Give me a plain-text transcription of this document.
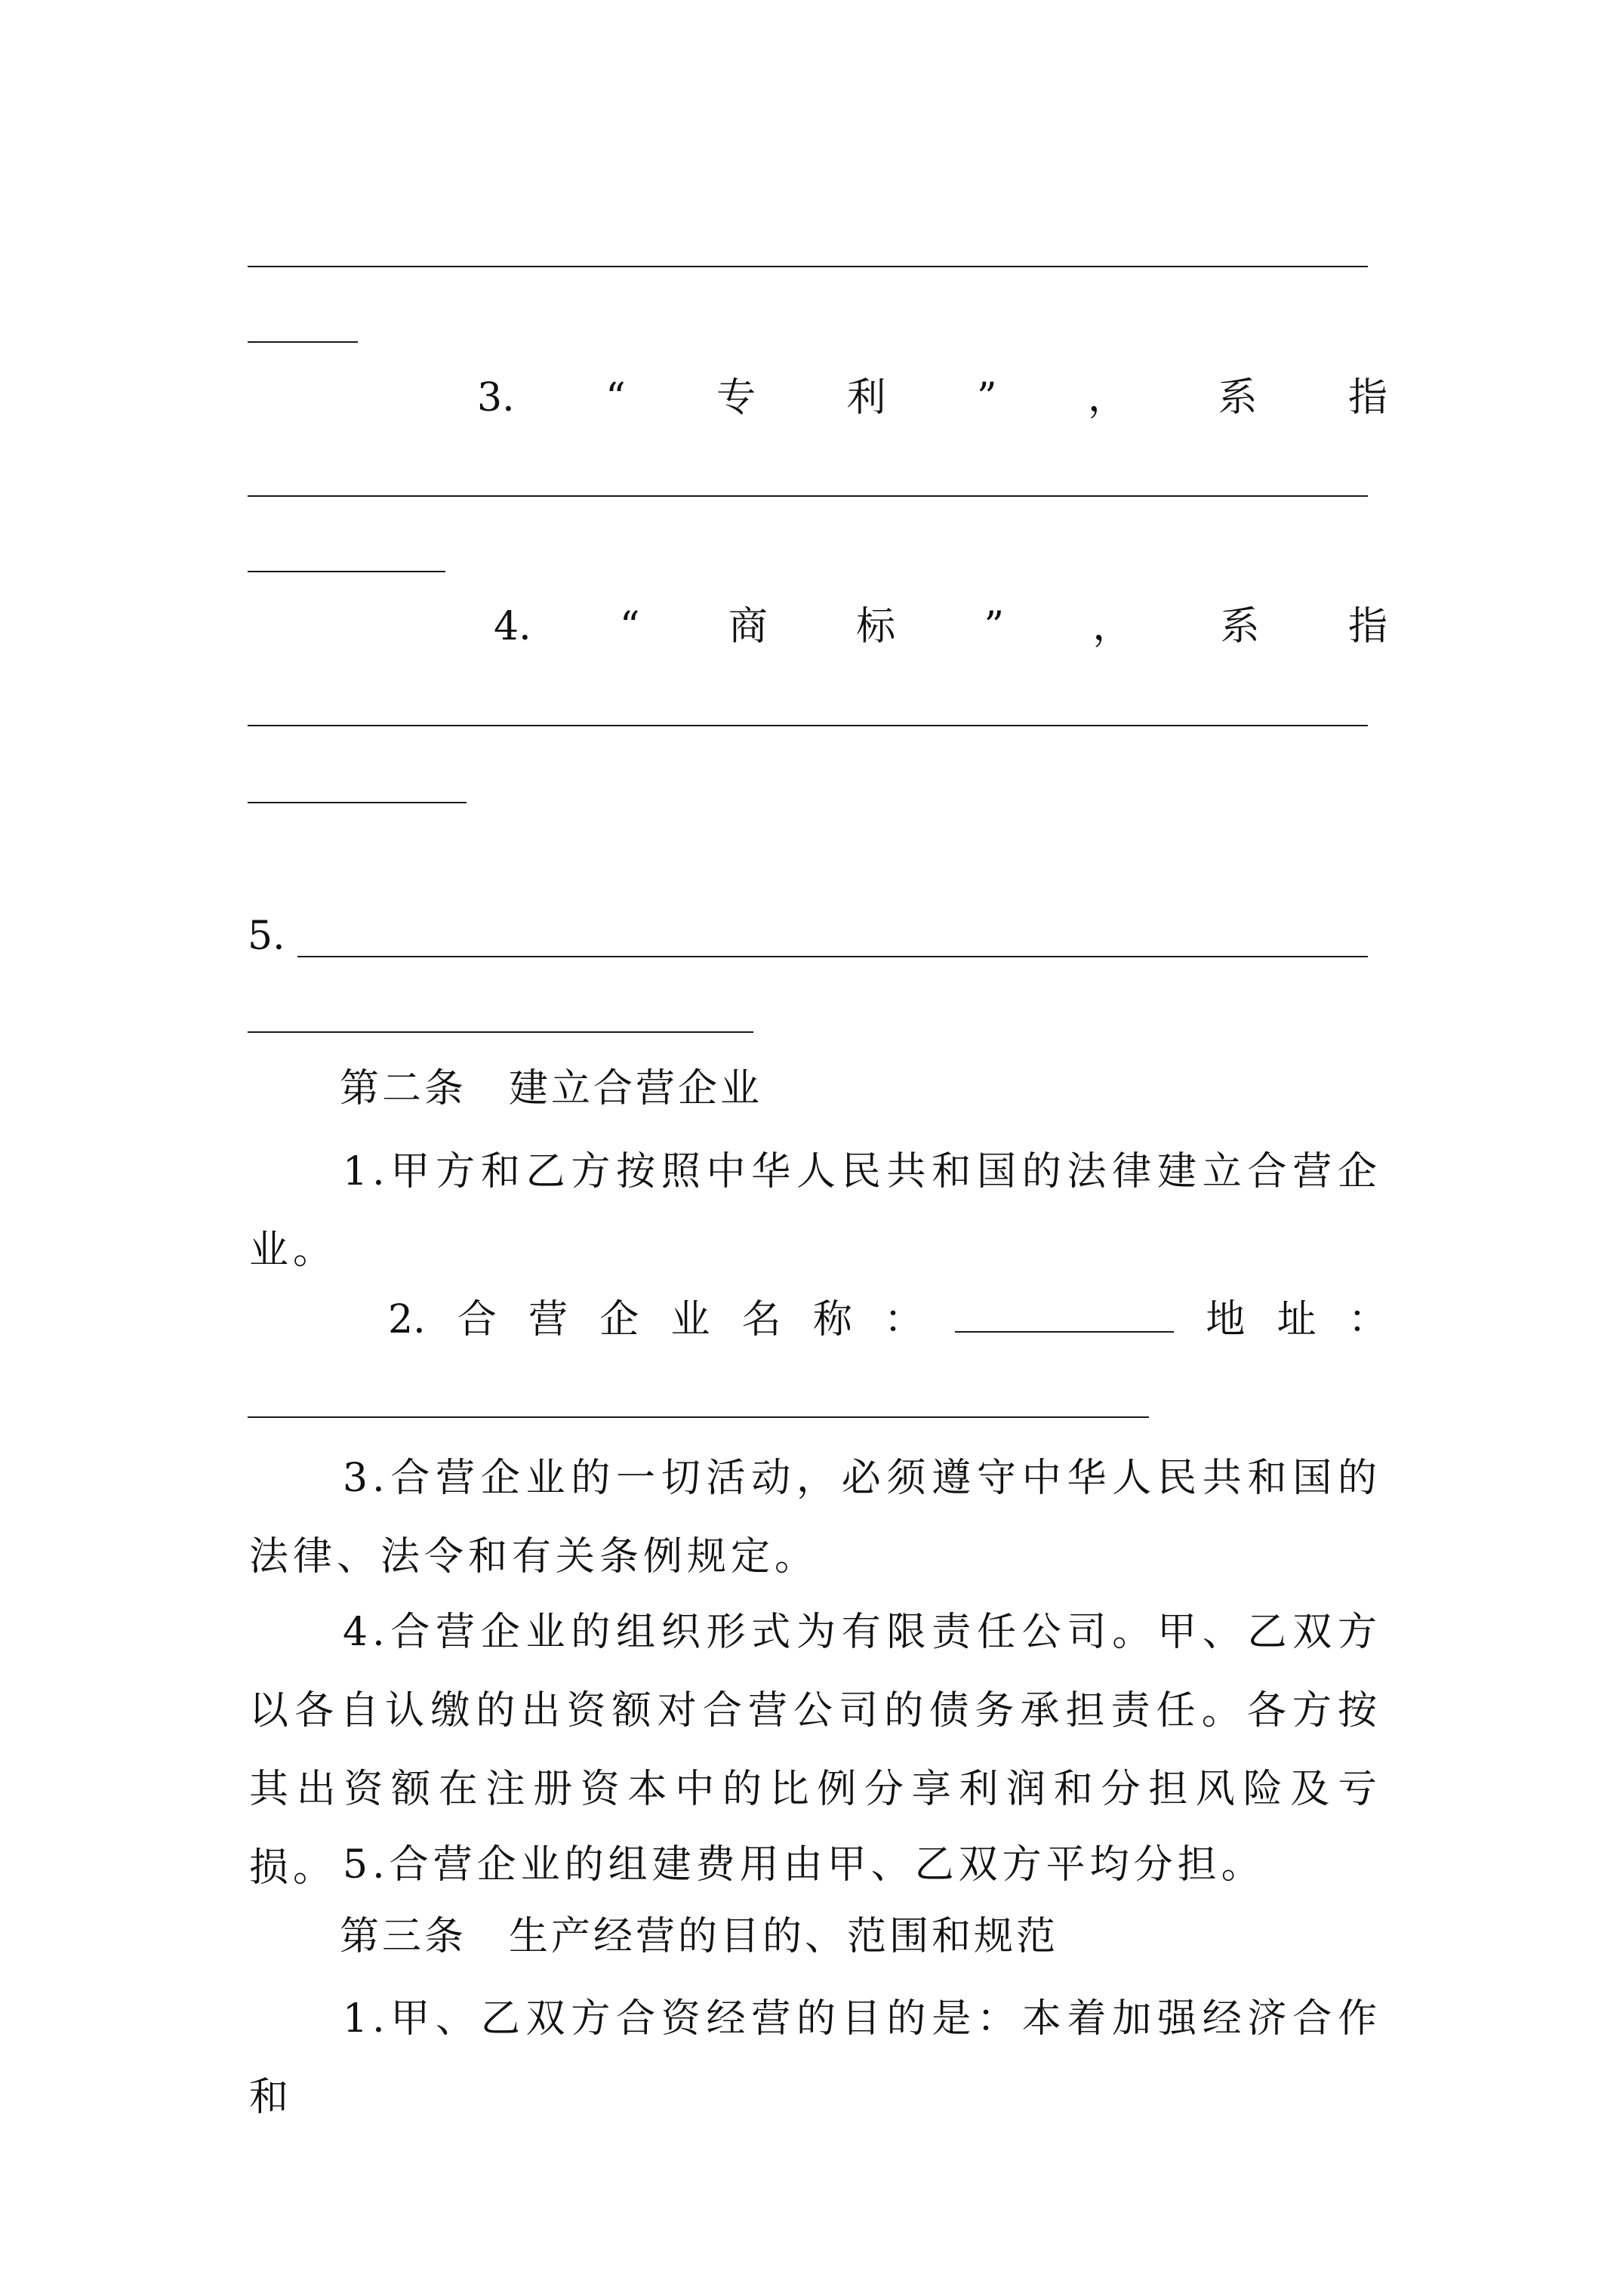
3. “ 专 利 ” ， 系 指
4. “ 商 标 ” ， 系 指
5.
第二条　建立合营企业
1.甲方和乙方按照中华人民共和国的法律建立合营企业。
2. 合 营 企 业 名 称 ：	地 址 ：
3.合营企业的一切活动，必须遵守中华人民共和国的法律、法令和有关条例规定。
4.合营企业的组织形式为有限责任公司。甲、乙双方以各自认缴的出资额对合营公司的债务承担责任。各方按其出资额在注册资本中的比例分享利润和分担风险及亏损。 5.合营企业的组建费用由甲、乙双方平均分担。
第三条　生产经营的目的、范围和规范
1.甲、乙双方合资经营的目的是：本着加强经济合作和
